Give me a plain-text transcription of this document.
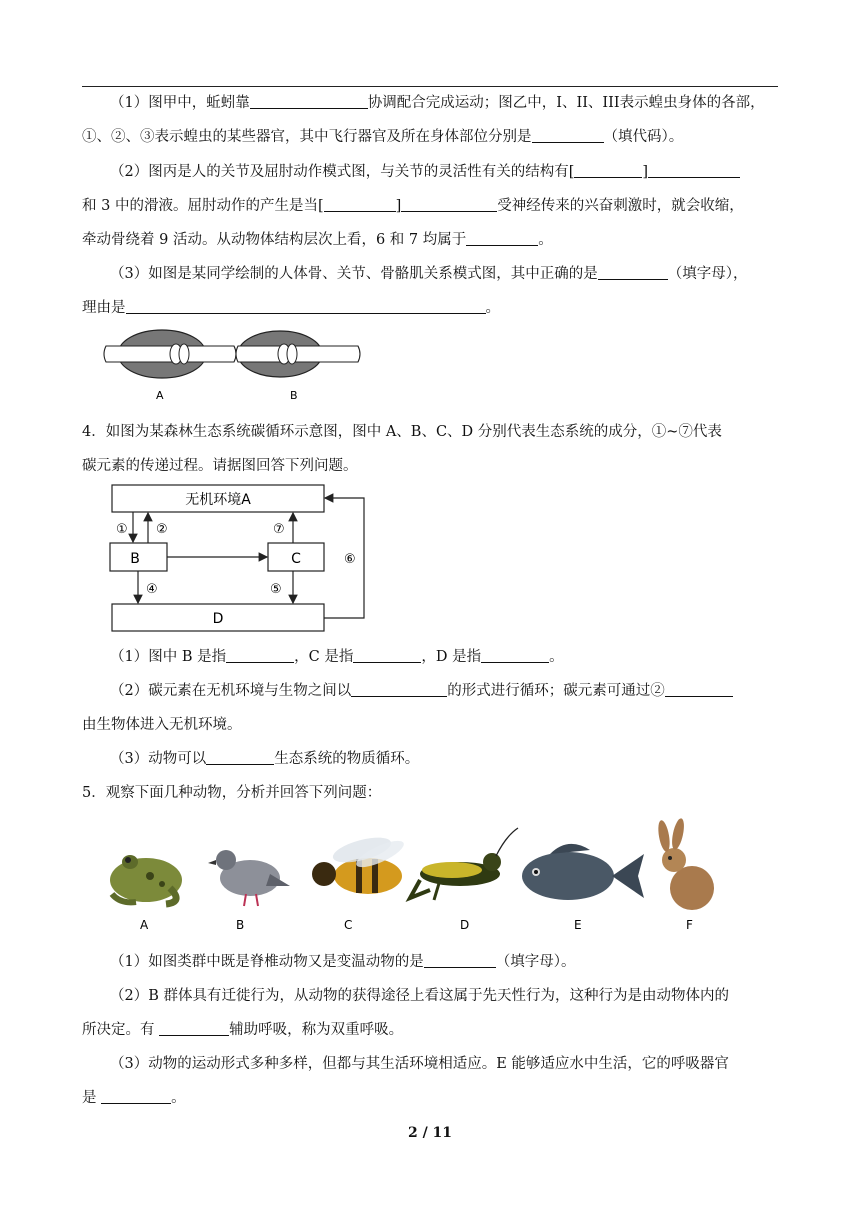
（1）图甲中，蚯蚓靠	协调配合完成运动；图乙中，I、II、III表示蝗虫身体的各部，
①、②、③表示蝗虫的某些器官，其中飞行器官及所在身体部位分别是	（填代码）。
（2）图丙是人的关节及屈肘动作模式图，与关节的灵活性有关的结构有[	]
和 3 中的滑液。屈肘动作的产生是当[	]	受神经传来的兴奋刺激时，就会收缩，
牵动骨绕着 9 活动。从动物体结构层次上看，6 和 7 均属于	。
（3）如图是某同学绘制的人体骨、关节、骨骼肌关系模式图，其中正确的是	（填字母），
理由是	。
A	B
4．如图为某森林生态系统碳循环示意图，图中 A、B、C、D 分别代表生态系统的成分，①~⑦代表
碳元素的传递过程。请据图回答下列问题。
无机环境A
B	C
D
① ②	⑦
④	⑤
⑥
（1）图中 B 是指	，C 是指	，D 是指	。
（2）碳元素在无机环境与生物之间以	的形式进行循环；碳元素可通过②
由生物体进入无机环境。
（3）动物可以	生态系统的物质循环。
5．观察下面几种动物，分析并回答下列问题：
A	B	C	D	E	F
（1）如图类群中既是脊椎动物又是变温动物的是	（填字母）。
（2）B 群体具有迁徙行为，从动物的获得途径上看这属于先天性行为，这种行为是由动物体内的
所决定。有	辅助呼吸，称为双重呼吸。
（3）动物的运动形式多种多样，但都与其生活环境相适应。E 能够适应水中生活，它的呼吸器官
是	。
2 / 11
